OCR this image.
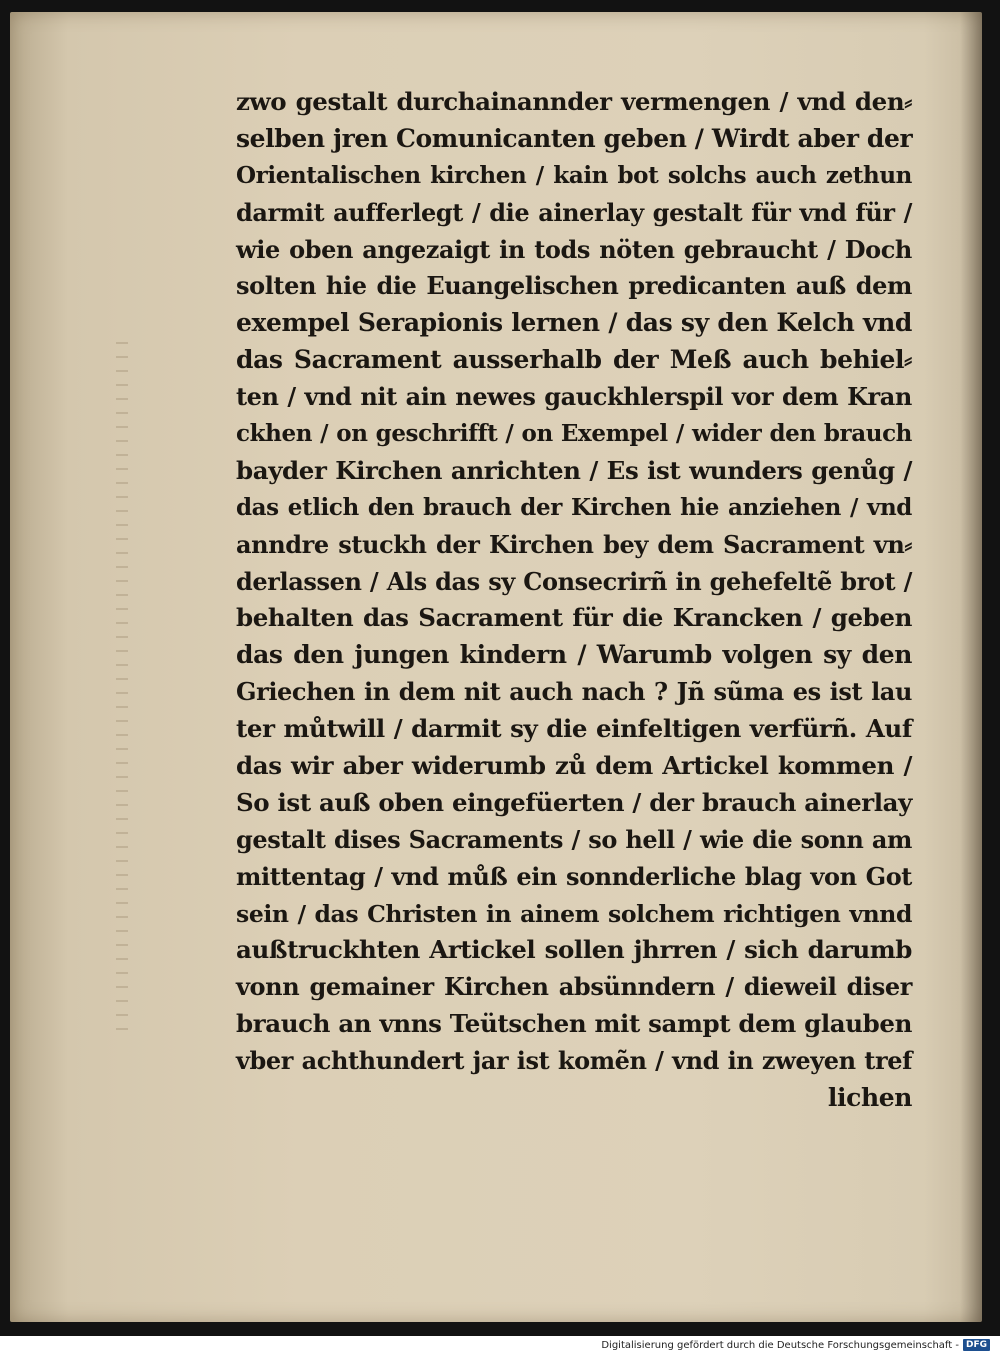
zwo gestalt durchainannder vermengen / vnd den⸗
selben jren Comunicanten geben / Wirdt aber der
Orientalischen kirchen / kain bot solchs auch zethun
darmit aufferlegt / die ainerlay gestalt für vnd für /
wie oben angezaigt in tods nöten gebraucht / Doch
solten hie die Euangelischen predicanten auß dem
exempel Serapionis lernen / das sy den Kelch vnd
das Sacrament ausserhalb der Meß auch behiel⸗
ten / vnd nit ain newes gauckhlerspil vor dem Kran
ckhen / on geschrifft / on Exempel / wider den brauch
bayder Kirchen anrichten / Es ist wunders genůg /
das etlich den brauch der Kirchen hie anziehen / vnd
anndre stuckh der Kirchen bey dem Sacrament vn⸗
derlassen / Als das sy Consecrirñ in gehefeltẽ brot /
behalten das Sacrament für die Krancken / geben
das den jungen kindern / Warumb volgen sy den
Griechen in dem nit auch nach ? Jñ sũma es ist lau
ter můtwill / darmit sy die einfeltigen verfürñ. Auf
das wir aber widerumb zů dem Artickel kommen /
So ist auß oben eingefüerten / der brauch ainerlay
gestalt dises Sacraments / so hell / wie die sonn am
mittentag / vnd můß ein sonnderliche blag von Got
sein / das Christen in ainem solchem richtigen vnnd
außtruckhten Artickel sollen jhrren / sich darumb
vonn gemainer Kirchen absünndern / dieweil diser
brauch an vnns Teütschen mit sampt dem glauben
vber achthundert jar ist komẽn / vnd in zweyen tref
lichen
Digitalisierung gefördert durch die Deutsche Forschungsgemeinschaft - DFG
